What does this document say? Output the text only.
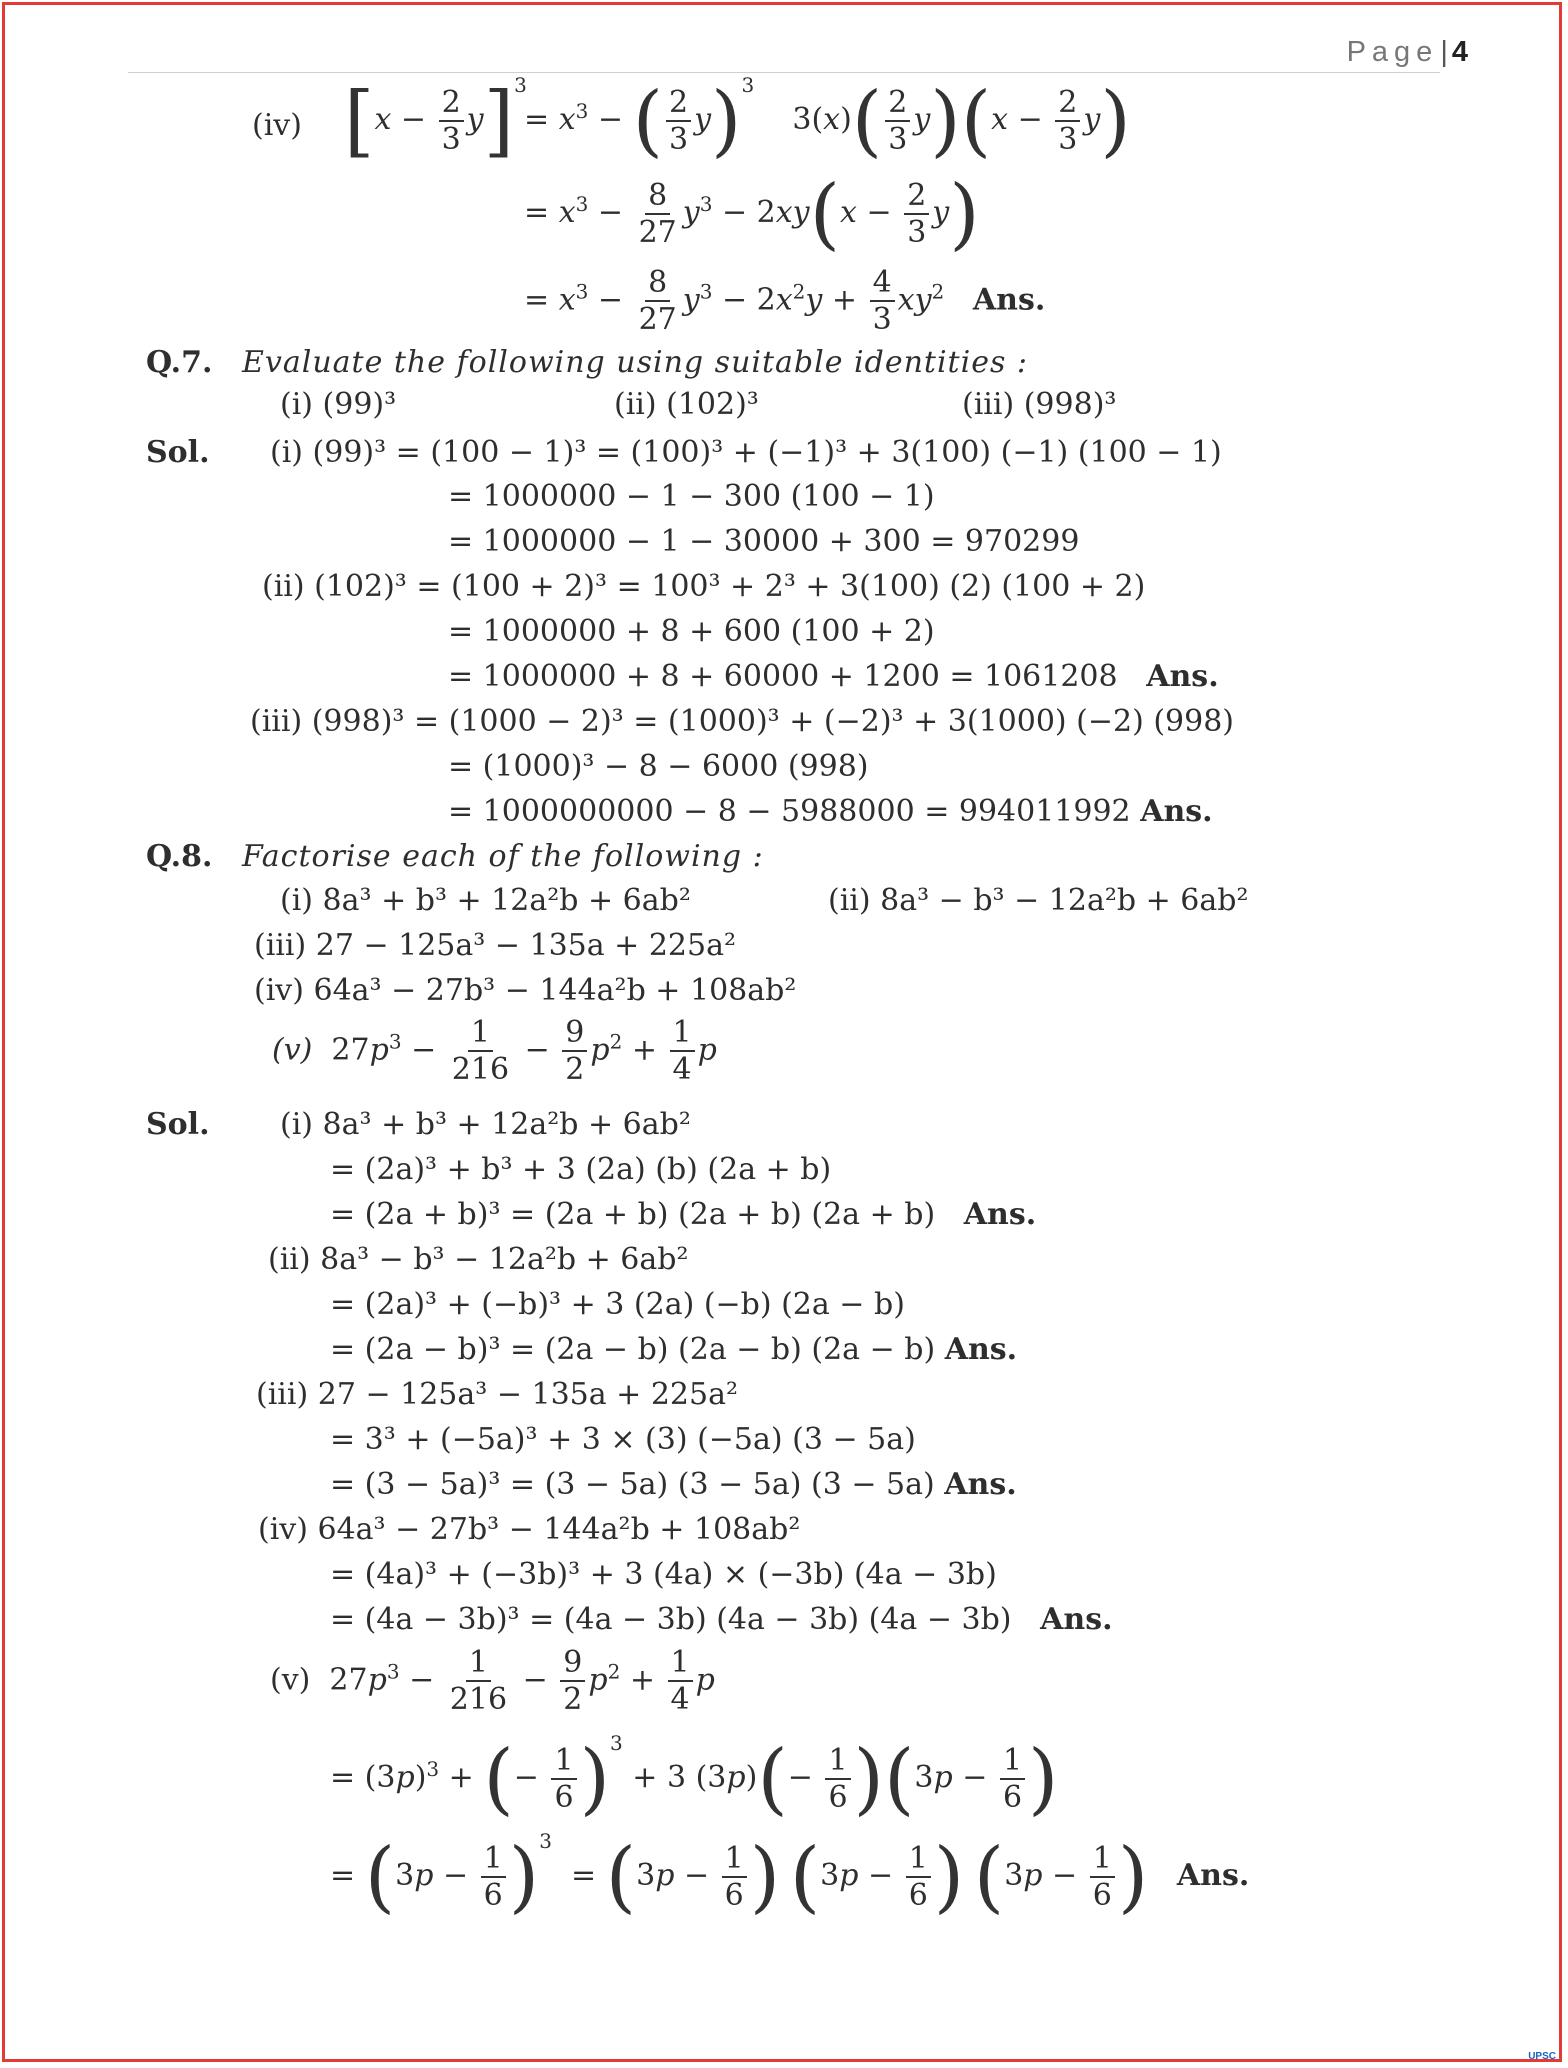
Page| 4
(iv) $[x - \frac{2}{3} y]^3$
= $x^3$ − ( $\frac{2}{3} y)^3$    $3(x)( \frac{2}{3} y)(x - \frac{2}{3} y)$
= $x^3 - \frac{8}{27} y^3 - 2xy(x - \frac{2}{3} y)$
= $x^3 - \frac{8}{27} y^3 - 2x^2y + \frac{4}{3} xy^2$ Ans.
Q.7. Evaluate the following using suitable identities :
(i) (99)³	(ii) (102)³	(iii) (998)³
Sol. (i) (99)³ = (100 − 1)³ = (100)³ + (−1)³ + 3(100) (−1) (100 − 1)
= 1000000 − 1 − 300 (100 − 1)
= 1000000 − 1 − 30000 + 300 = 970299
(ii) (102)³ = (100 + 2)³ = 100³ + 2³ + 3(100) (2) (100 + 2)
= 1000000 + 8 + 600 (100 + 2)
= 1000000 + 8 + 60000 + 1200 = 1061208 Ans.
(iii) (998)³ = (1000 − 2)³ = (1000)³ + (−2)³ + 3(1000) (−2) (998)
= (1000)³ − 8 − 6000 (998)
= 1000000000 − 8 − 5988000 = 994011992 Ans.
Q.8. Factorise each of the following :
(i) 8a³ + b³ + 12a²b + 6ab²	(ii) 8a³ − b³ − 12a²b + 6ab²
(iii) 27 − 125a³ − 135a + 225a²
(iv) 64a³ − 27b³ − 144a²b + 108ab²
(v)  $27p^3 - \frac{1}{216} - \frac{9}{2} p^2 + \frac{1}{4}$ p
Sol. (i) 8a³ + b³ + 12a²b + 6ab²
= (2a)³ + b³ + 3 (2a) (b) (2a + b)
= (2a + b)³ = (2a + b) (2a + b) (2a + b) Ans.
(ii) 8a³ − b³ − 12a²b + 6ab²
= (2a)³ + (−b)³ + 3 (2a) (−b) (2a − b)
= (2a − b)³ = (2a − b) (2a − b) (2a − b) Ans.
(iii) 27 − 125a³ − 135a + 225a²
= 3³ + (−5a)³ + 3 × (3) (−5a) (3 − 5a)
= (3 − 5a)³ = (3 − 5a) (3 − 5a) (3 − 5a) Ans.
(iv) 64a³ − 27b³ − 144a²b + 108ab²
= (4a)³ + (−3b)³ + 3 (4a) × (−3b) (4a − 3b)
= (4a − 3b)³ = (4a − 3b) (4a − 3b) (4a − 3b) Ans.
(v)  $27p^3 - \frac{1}{216} - \frac{9}{2} p^2 + \frac{1}{4}$ p
= $(3p)^3$ + (− $\frac{1}{6} )^3 + 3$ $(3p)(- \frac{1}{6} )(3p - \frac{1}{6}$ )
= $(3p - \frac{1}{6} )^3 = (3p - \frac{1}{6}$ ) ($3p - \frac{1}{6}$ ) ($3p - \frac{1}{6}$ ) Ans.
UPSC
